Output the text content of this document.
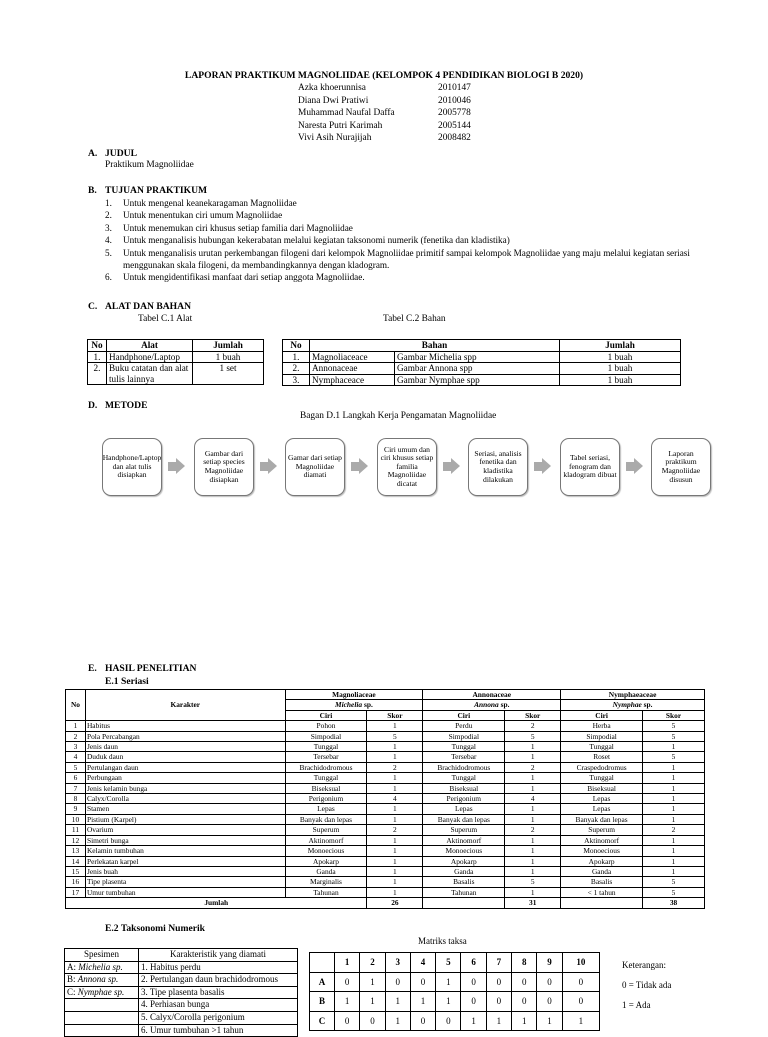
LAPORAN PRAKTIKUM MAGNOLIIDAE (KELOMPOK 4 PENDIDIKAN BIOLOGI B 2020)
Azka khoerunnisa	2010147
Diana Dwi Pratiwi	2010046
Muhammad Naufal Daffa	2005778
Naresta Putri Karimah	2005144
Vivi Asih Nurajijah	2008482
A. JUDUL
Praktikum Magnoliidae
B. TUJUAN PRAKTIKUM
1.	Untuk mengenal keanekaragaman Magnoliidae
2.	Untuk menentukan ciri umum Magnoliidae
3.	Untuk menemukan ciri khusus setiap familia dari Magnoliidae
4.	Untuk menganalisis hubungan kekerabatan melalui kegiatan taksonomi numerik (fenetika dan kladistika)
5.	Untuk menganalisis urutan perkembangan filogeni dari kelompok Magnoliidae primitif sampai kelompok Magnoliidae yang maju melalui kegiatan seriasi menggunakan skala filogeni, da membandingkannya dengan kladogram.
6.	Untuk mengidentifikasi manfaat dari setiap anggota Magnoliidae.
C. ALAT DAN BAHAN
Tabel C.1 Alat	Tabel C.2 Bahan
No	Alat	Jumlah
1.	Handphone/Laptop	1 buah
2.	Buku catatan dan alat tulis lainnya	1 set
No	Bahan		Jumlah
1.	Magnoliaceace	Gambar Michelia spp	1 buah
2.	Annonaceae	Gambar Annona spp	1 buah
3.	Nymphaceace	Gambar Nymphae spp	1 buah
D. METODE
Bagan D.1 Langkah Kerja Pengamatan Magnoliidae
Handphone/Laptop dan alat tulis disiapkan
Gambar dari setiap species Magnoliidae disiapkan
Gamar dari setiap Magnoliidae diamati
Ciri umum dan ciri khusus setiap familia Magnoliidae dicatat
Seriasi, analisis fenetika dan kladistika dilakukan
Tabel seriasi, fenogram dan kladogram dibuat
Laporan praktikum Magnoliidae disusun
E. HASIL PENELITIAN
E.1 Seriasi
No	Karakter	Magnoliaceae		Annonaceae		Nymphaeaceae	
		Michelia sp.		Annona sp.		Nymphae sp.	
		Ciri	Skor	Ciri	Skor	Ciri	Skor
1	Habitus	Pohon	1	Perdu	2	Herba	5
2	Pola Percabangan	Simpodial	5	Simpodial	5	Simpodial	5
3	Jenis daun	Tunggal	1	Tunggal	1	Tunggal	1
4	Duduk daun	Tersebar	1	Tersebar	1	Roset	5
5	Pertulangan daun	Brachidodromous	2	Brachidodromous	2	Craspedodromus	1
6	Perbungaan	Tunggal	1	Tunggal	1	Tunggal	1
7	Jenis kelamin bunga	Biseksual	1	Biseksual	1	Biseksual	1
8	Calyx/Corolla	Perigonium	4	Perigonium	4	Lepas	1
9	Stamen	Lepas	1	Lepas	1	Lepas	1
10	Pistium (Karpel)	Banyak dan lepas	1	Banyak dan lepas	1	Banyak dan lepas	1
11	Ovarium	Superum	2	Superum	2	Superum	2
12	Simetri bunga	Aktinomorf	1	Aktinomorf	1	Aktinomorf	1
13	Kelamin tumbuhan	Monoecious	1	Monoecious	1	Monoecious	1
14	Perlekatan karpel	Apokarp	1	Apokarp	1	Apokarp	1
15	Jenis buah	Ganda	1	Ganda	1	Ganda	1
16	Tipe plasenta	Marginalis	1	Basalis	5	Basalis	5
17	Umur tumbuhan	Tahunan	1	Tahunan	1	< 1 tahun	5
Jumlah			26		31		38
E.2 Taksonomi Numerik
Spesimen	Karakteristik yang diamati
A: Michelia sp.	1. Habitus perdu
B: Annona sp.	2. Pertulangan daun brachidodromous
C: Nymphae sp.	3. Tipe plasenta basalis
	4. Perhiasan bunga
	5. Calyx/Corolla perigonium
	6. Umur tumbuhan >1 tahun
Matriks taksa
	1	2	3	4	5	6	7	8	9	10
A	0	1	0	0	1	0	0	0	0	0
B	1	1	1	1	1	0	0	0	0	0
C	0	0	1	0	0	1	1	1	1	1
Keterangan:
0 = Tidak ada
1 = Ada
